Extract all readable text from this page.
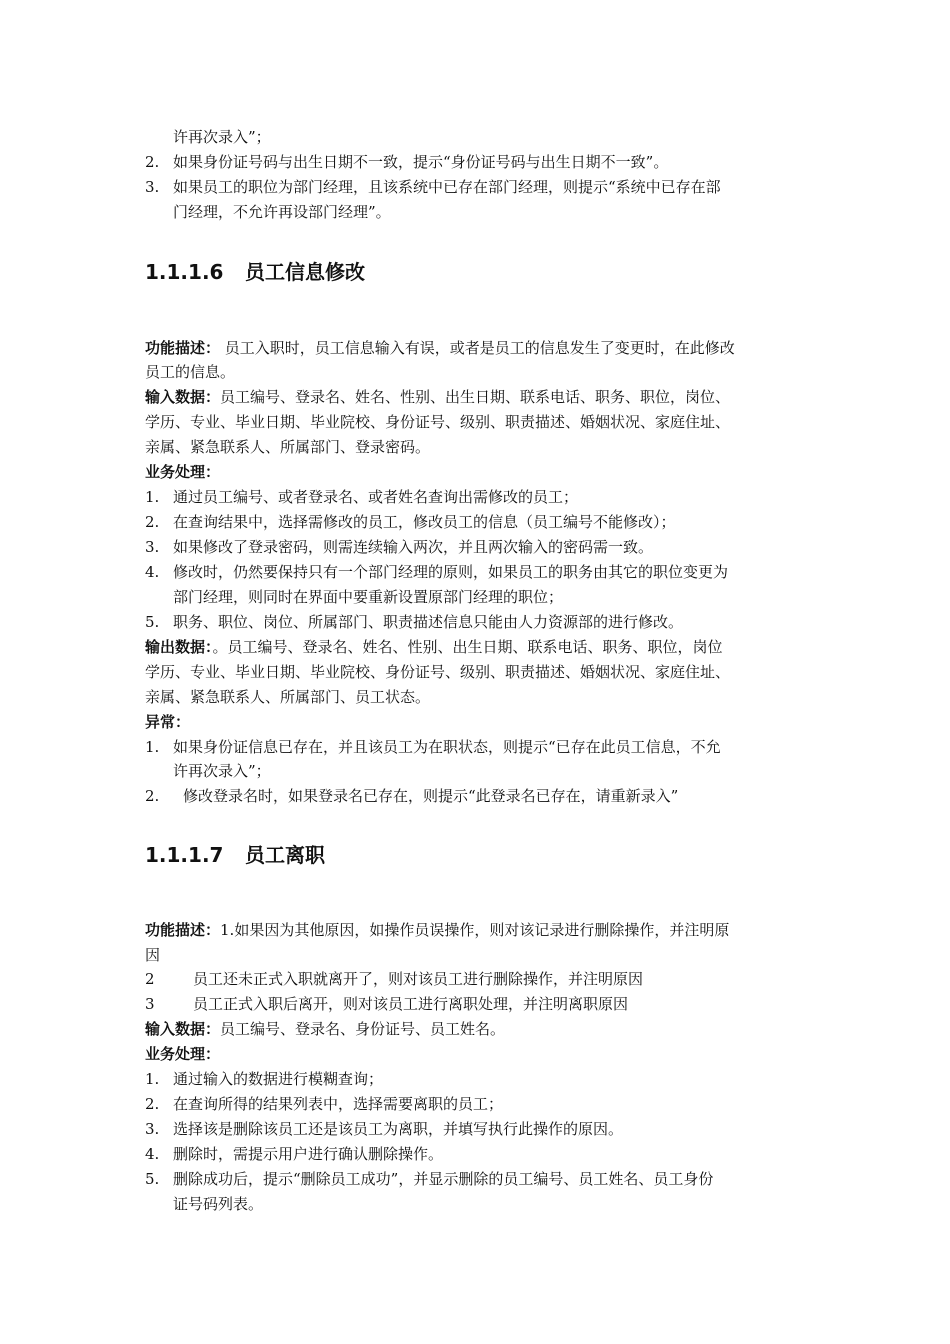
许再次录入”；
2. 如果身份证号码与出生日期不一致，提示“身份证号码与出生日期不一致”。
3. 如果员工的职位为部门经理，且该系统中已存在部门经理，则提示“系统中已存在部
门经理，不允许再设部门经理”。
1.1.1.6 员工信息修改
功能描述： 员工入职时，员工信息输入有误，或者是员工的信息发生了变更时，在此修改
员工的信息。
输入数据：员工编号、登录名、姓名、性别、出生日期、联系电话、职务、职位，岗位、
学历、专业、毕业日期、毕业院校、身份证号、级别、职责描述、婚姻状况、家庭住址、
亲属、紧急联系人、所属部门、登录密码。
业务处理：
1. 通过员工编号、或者登录名、或者姓名查询出需修改的员工；
2. 在查询结果中，选择需修改的员工，修改员工的信息（员工编号不能修改）；
3. 如果修改了登录密码，则需连续输入两次，并且两次输入的密码需一致。
4. 修改时，仍然要保持只有一个部门经理的原则，如果员工的职务由其它的职位变更为
部门经理，则同时在界面中要重新设置原部门经理的职位；
5. 职务、职位、岗位、所属部门、职责描述信息只能由人力资源部的进行修改。
输出数据：。员工编号、登录名、姓名、性别、出生日期、联系电话、职务、职位，岗位
学历、专业、毕业日期、毕业院校、身份证号、级别、职责描述、婚姻状况、家庭住址、
亲属、紧急联系人、所属部门、员工状态。
异常：
1. 如果身份证信息已存在，并且该员工为在职状态，则提示“已存在此员工信息，不允
许再次录入”；
2. 修改登录名时，如果登录名已存在，则提示“此登录名已存在，请重新录入”
1.1.1.7 员工离职
功能描述：1.如果因为其他原因，如操作员误操作，则对该记录进行删除操作，并注明原
因
2	员工还未正式入职就离开了，则对该员工进行删除操作，并注明原因
3	员工正式入职后离开，则对该员工进行离职处理，并注明离职原因
输入数据：员工编号、登录名、身份证号、员工姓名。
业务处理：
1. 通过输入的数据进行模糊查询；
2. 在查询所得的结果列表中，选择需要离职的员工；
3. 选择该是删除该员工还是该员工为离职，并填写执行此操作的原因。
4. 删除时，需提示用户进行确认删除操作。
5. 删除成功后，提示“删除员工成功”，并显示删除的员工编号、员工姓名、员工身份
证号码列表。
